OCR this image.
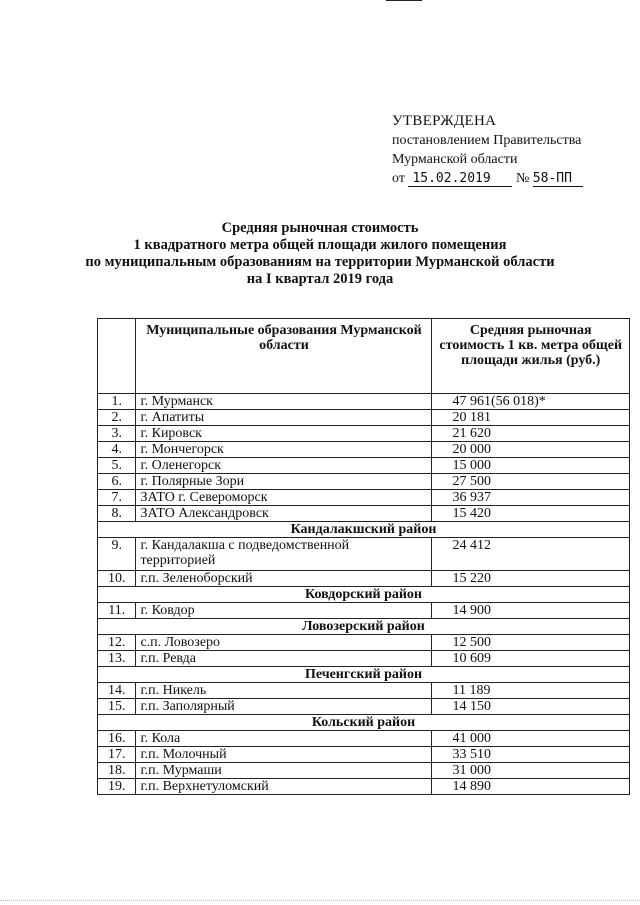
УТВЕРЖДЕНА
постановлением Правительства
Мурманской области
от 15.02.2019 № 58-ПП
Средняя рыночная стоимость
1 квадратного метра общей площади жилого помещения
по муниципальным образованиям на территории Мурманской области
на I квартал 2019 года
	Муниципальные образования Мурманской области	Средняя рыночная стоимость 1 кв. метра общей площади жилья (руб.)
1.	г. Мурманск	47 961(56 018)*
2.	г. Апатиты	20 181
3.	г. Кировск	21 620
4.	г. Мончегорск	20 000
5.	г. Оленегорск	15 000
6.	г. Полярные Зори	27 500
7.	ЗАТО г. Североморск	36 937
8.	ЗАТО Александровск	15 420
Кандалакшский район		
9.	г. Кандалакша с подведомственной территорией	24 412
10.	г.п. Зеленоборский	15 220
Ковдорский район		
11.	г. Ковдор	14 900
Ловозерский район		
12.	с.п. Ловозеро	12 500
13.	г.п. Ревда	10 609
Печенгский район		
14.	г.п. Никель	11 189
15.	г.п. Заполярный	14 150
Кольский район		
16.	г. Кола	41 000
17.	г.п. Молочный	33 510
18.	г.п. Мурмаши	31 000
19.	г.п. Верхнетуломский	14 890
